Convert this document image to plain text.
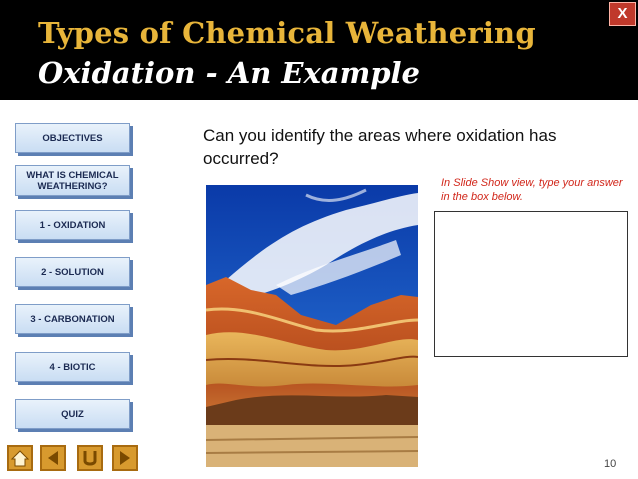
Types of Chemical Weathering
Oxidation - An Example
X
OBJECTIVES
WHAT IS CHEMICAL WEATHERING?
1 - OXIDATION
2 - SOLUTION
3 - CARBONATION
4 - BIOTIC
QUIZ
Can you identify the areas where oxidation has occurred?
In Slide Show view, type your answer in the box below.
10
